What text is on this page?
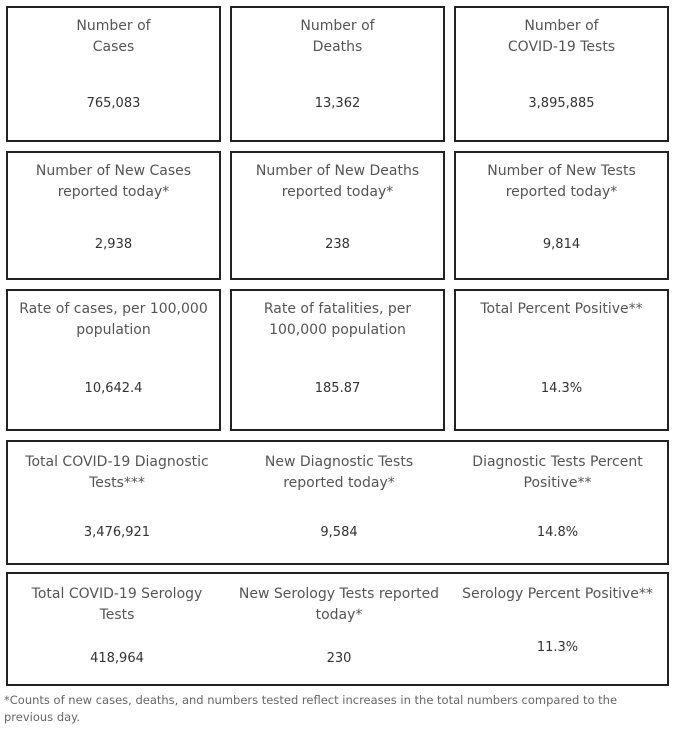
Number of
Cases
765,083
Number of
Deaths
13,362
Number of
COVID-19 Tests
3,895,885
Number of New Cases
reported today*
2,938
Number of New Deaths
reported today*
238
Number of New Tests
reported today*
9,814
Rate of cases, per 100,000
population
10,642.4
Rate of fatalities, per
100,000 population
185.87
Total Percent Positive**
14.3%
Total COVID-19 Diagnostic
Tests***
3,476,921
New Diagnostic Tests
reported today*
9,584
Diagnostic Tests Percent
Positive**
14.8%
Total COVID-19 Serology
Tests
418,964
New Serology Tests reported
today*
230
Serology Percent Positive**
11.3%
*Counts of new cases, deaths, and numbers tested reflect increases in the total numbers compared to the previous day.
